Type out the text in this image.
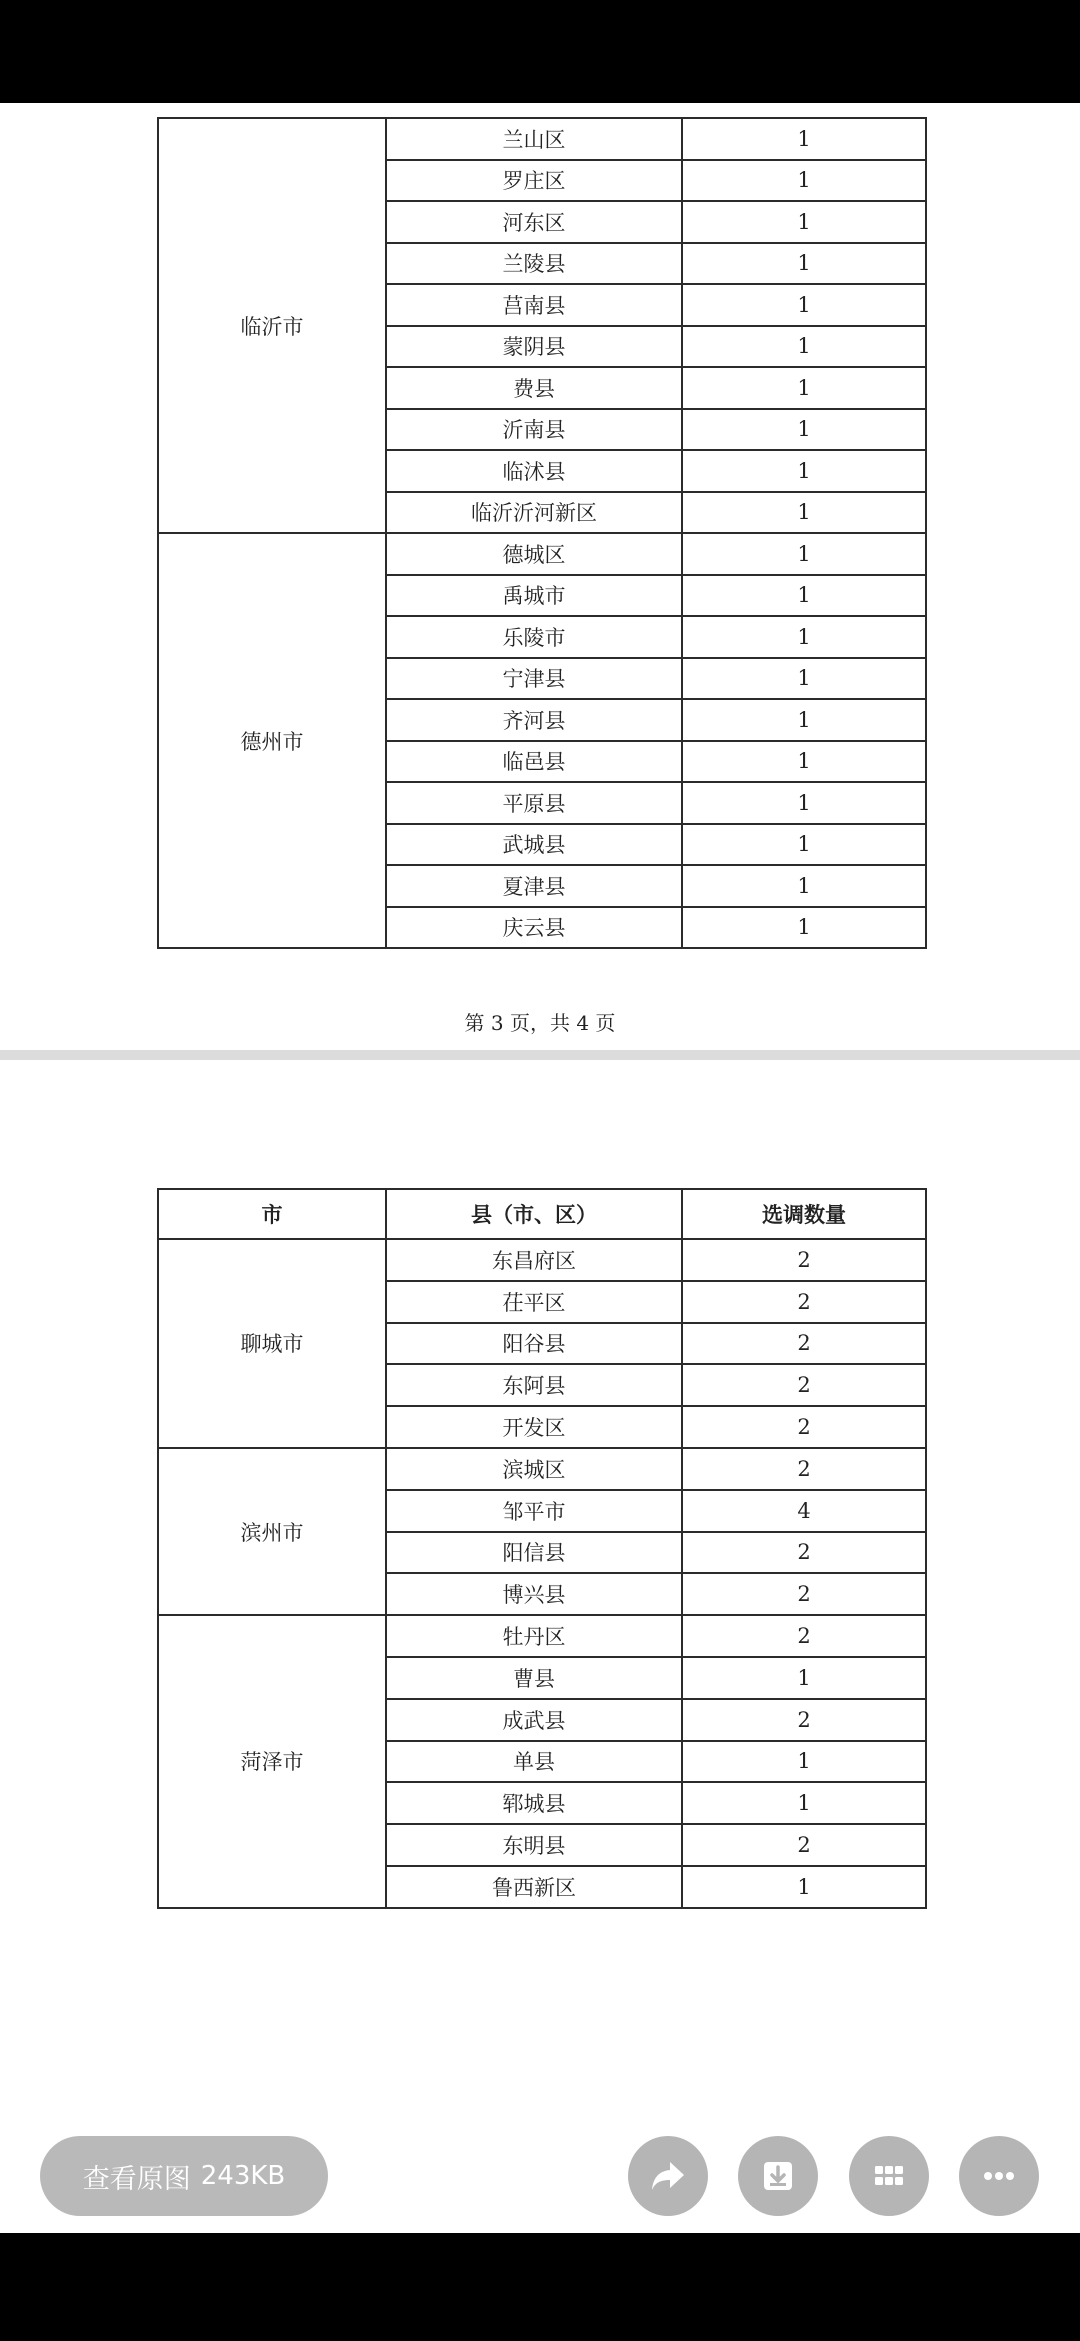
临沂市	兰山区	1
	罗庄区	1
	河东区	1
	兰陵县	1
	莒南县	1
	蒙阴县	1
	费县	1
	沂南县	1
	临沭县	1
	临沂沂河新区	1
德州市	德城区	1
	禹城市	1
	乐陵市	1
	宁津县	1
	齐河县	1
	临邑县	1
	平原县	1
	武城县	1
	夏津县	1
	庆云县	1
第 3 页，共 4 页
市	县（市、区）	选调数量
聊城市	东昌府区	2
	茌平区	2
	阳谷县	2
	东阿县	2
	开发区	2
滨州市	滨城区	2
	邹平市	4
	阳信县	2
	博兴县	2
菏泽市	牡丹区	2
	曹县	1
	成武县	2
	单县	1
	郓城县	1
	东明县	2
	鲁西新区	1
查看原图 243KB
